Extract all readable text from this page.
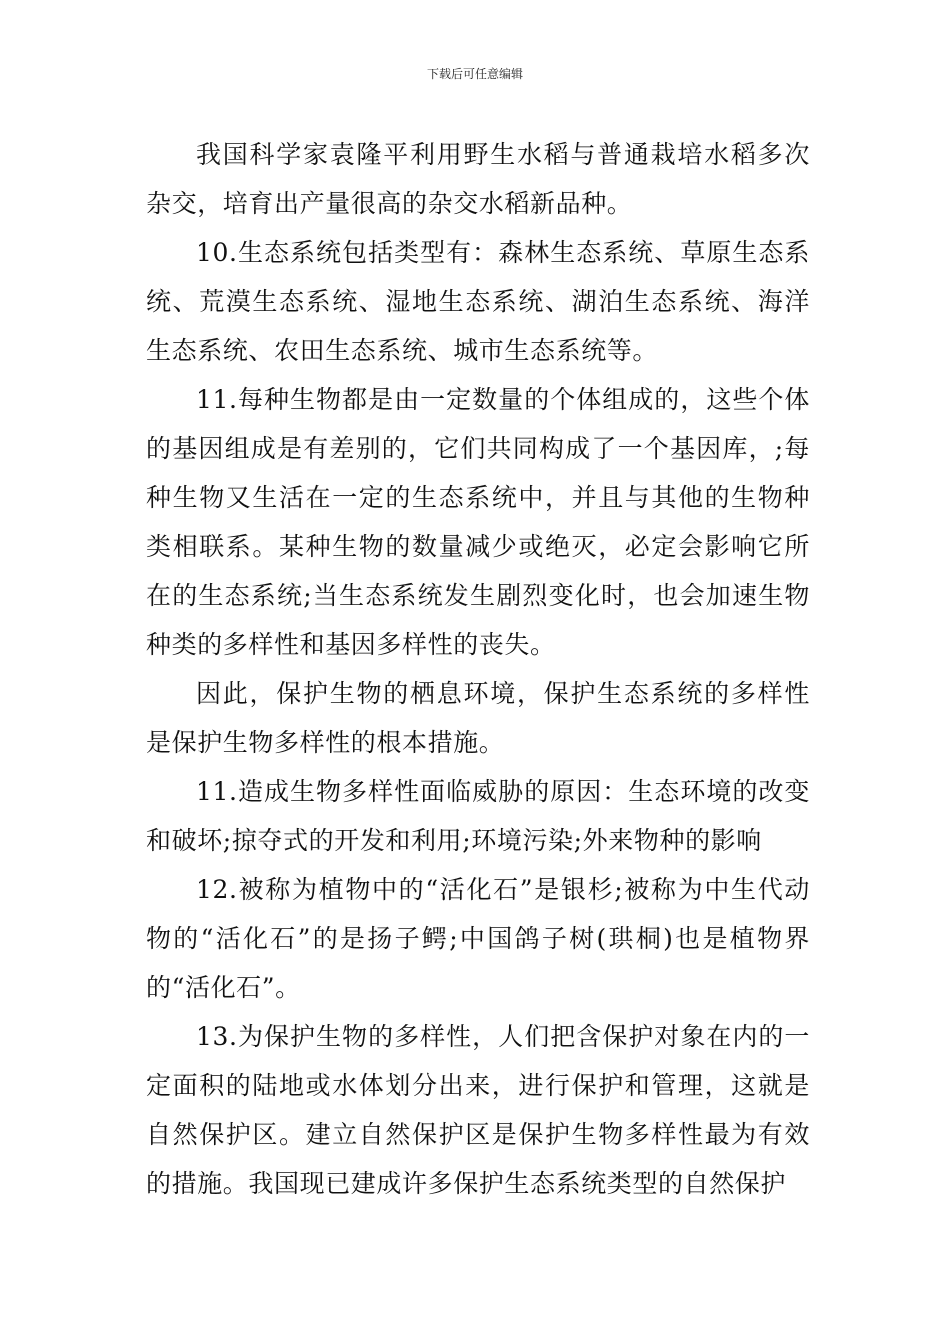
下载后可任意编辑

我国科学家袁隆平利用野生水稻与普通栽培水稻多次杂交，培育出产量很高的杂交水稻新品种。

10.生态系统包括类型有：森林生态系统、草原生态系统、荒漠生态系统、湿地生态系统、湖泊生态系统、海洋生态系统、农田生态系统、城市生态系统等。

11.每种生物都是由一定数量的个体组成的，这些个体的基因组成是有差别的，它们共同构成了一个基因库，;每种生物又生活在一定的生态系统中，并且与其他的生物种类相联系。某种生物的数量减少或绝灭，必定会影响它所在的生态系统;当生态系统发生剧烈变化时，也会加速生物种类的多样性和基因多样性的丧失。

因此，保护生物的栖息环境，保护生态系统的多样性是保护生物多样性的根本措施。

11.造成生物多样性面临威胁的原因：生态环境的改变和破坏;掠夺式的开发和利用;环境污染;外来物种的影响

12.被称为植物中的“活化石”是银杉;被称为中生代动物的“活化石”的是扬子鳄;中国鸽子树(珙桐)也是植物界的“活化石”。

13.为保护生物的多样性，人们把含保护对象在内的一定面积的陆地或水体划分出来，进行保护和管理，这就是自然保护区。建立自然保护区是保护生物多样性最为有效的措施。我国现已建成许多保护生态系统类型的自然保护
